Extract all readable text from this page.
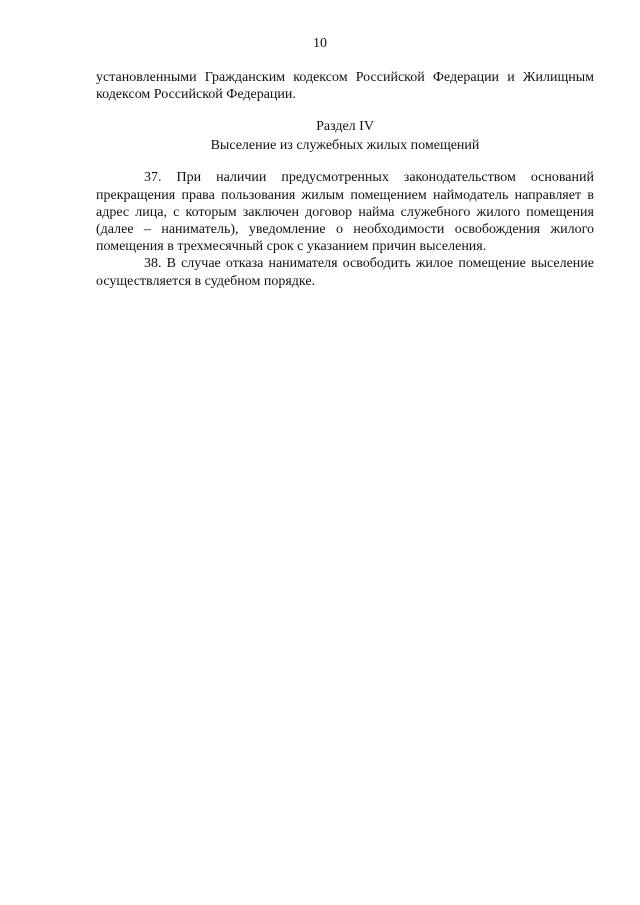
10

установленными Гражданским кодексом Российской Федерации и Жилищным кодексом Российской Федерации.

Раздел IV
Выселение из служебных жилых помещений

37. При наличии предусмотренных законодательством оснований прекращения права пользования жилым помещением наймодатель направляет в адрес лица, с которым заключен договор найма служебного жилого помещения (далее – наниматель), уведомление о необходимости освобождения жилого помещения в трехмесячный срок с указанием причин выселения.

38. В случае отказа нанимателя освободить жилое помещение выселение осуществляется в судебном порядке.
